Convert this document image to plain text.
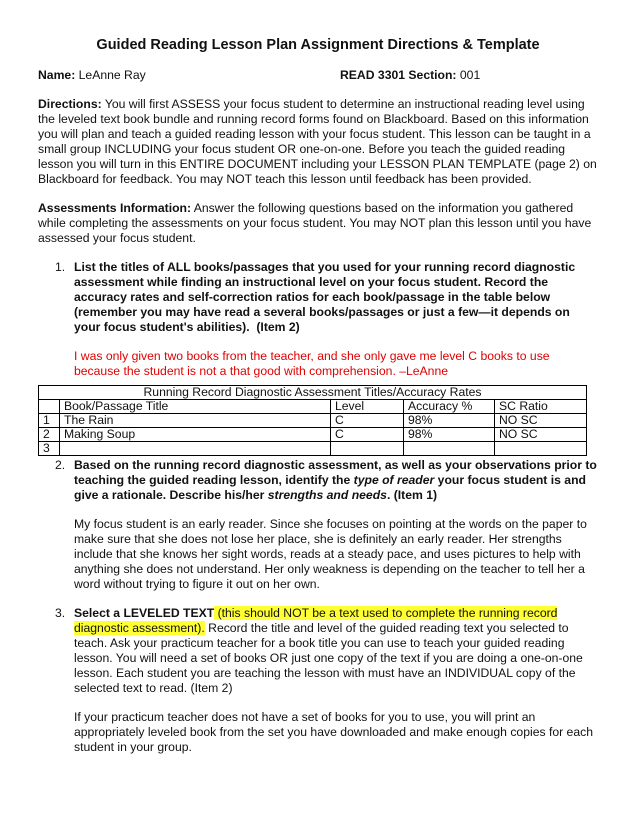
Guided Reading Lesson Plan Assignment Directions & Template
Name: LeAnne Ray	READ 3301 Section: 001

Directions: You will first ASSESS your focus student to determine an instructional reading level using the leveled text book bundle and running record forms found on Blackboard. Based on this information you will plan and teach a guided reading lesson with your focus student. This lesson can be taught in a small group INCLUDING your focus student OR one-on-one. Before you teach the guided reading lesson you will turn in this ENTIRE DOCUMENT including your LESSON PLAN TEMPLATE (page 2) on Blackboard for feedback. You may NOT teach this lesson until feedback has been provided.

Assessments Information: Answer the following questions based on the information you gathered while completing the assessments on your focus student. You may NOT plan this lesson until you have assessed your focus student.

1. List the titles of ALL books/passages that you used for your running record diagnostic assessment while finding an instructional level on your focus student. Record the accuracy rates and self-correction ratios for each book/passage in the table below (remember you may have read a several books/passages or just a few—it depends on your focus student's abilities). (Item 2)
I was only given two books from the teacher, and she only gave me level C books to use because the student is not a that good with comprehension. –LeAnne
Running Record Diagnostic Assessment Titles/Accuracy Rates				
	Book/Passage Title	Level	Accuracy %	SC Ratio
1	The Rain	C	98%	NO SC
2	Making Soup	C	98%	NO SC
3				
2. Based on the running record diagnostic assessment, as well as your observations prior to teaching the guided reading lesson, identify the type of reader your focus student is and give a rationale. Describe his/her strengths and needs. (Item 1)
My focus student is an early reader. Since she focuses on pointing at the words on the paper to make sure that she does not lose her place, she is definitely an early reader. Her strengths include that she knows her sight words, reads at a steady pace, and uses pictures to help with anything she does not understand. Her only weakness is depending on the teacher to tell her a word without trying to figure it out on her own.
3. Select a LEVELED TEXT (this should NOT be a text used to complete the running record diagnostic assessment). Record the title and level of the guided reading text you selected to teach. Ask your practicum teacher for a book title you can use to teach your guided reading lesson. You will need a set of books OR just one copy of the text if you are doing a one-on-one lesson. Each student you are teaching the lesson with must have an INDIVIDUAL copy of the selected text to read. (Item 2)
If your practicum teacher does not have a set of books for you to use, you will print an appropriately leveled book from the set you have downloaded and make enough copies for each student in your group.
